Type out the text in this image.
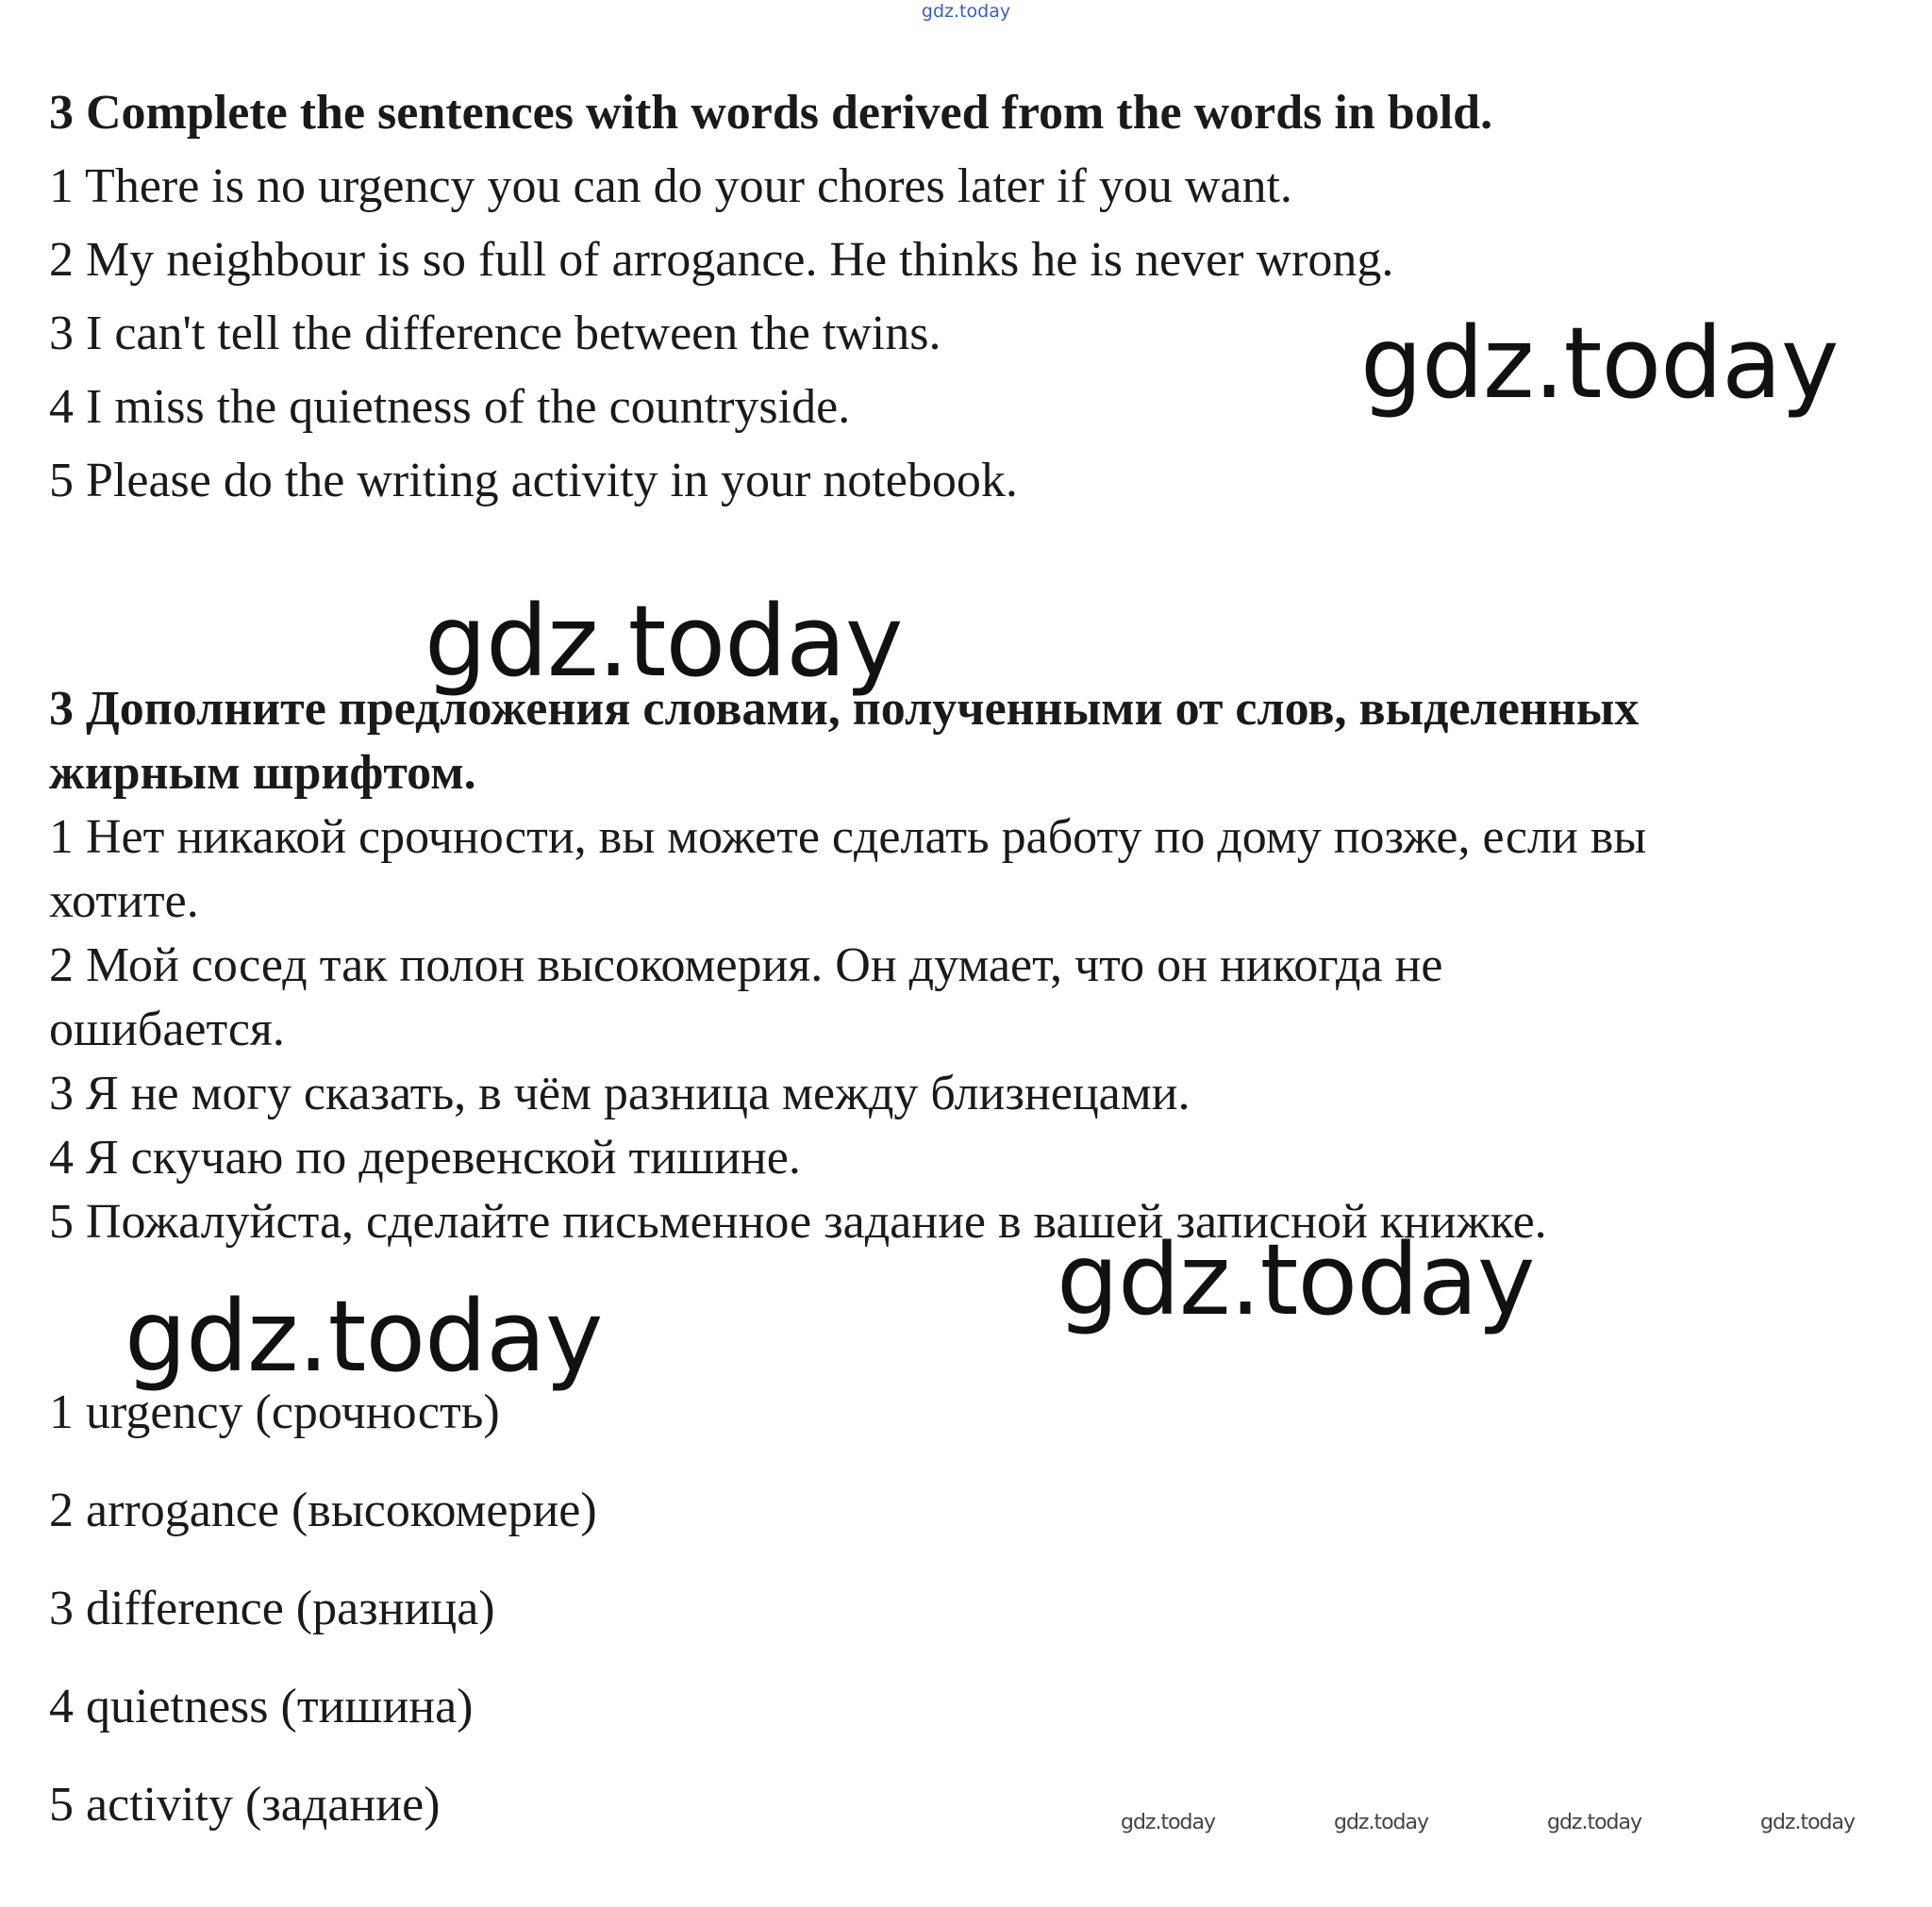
gdz.today
3 Complete the sentences with words derived from the words in bold.
1 There is no urgency you can do your chores later if you want.
2 My neighbour is so full of arrogance. He thinks he is never wrong.
3 I can't tell the difference between the twins.
4 I miss the quietness of the countryside.
5 Please do the writing activity in your notebook.
3 Дополните предложения словами, полученными от слов, выделенных
жирным шрифтом.
1 Нет никакой срочности, вы можете сделать работу по дому позже, если вы
хотите.
2 Мой сосед так полон высокомерия. Он думает, что он никогда не
ошибается.
3 Я не могу сказать, в чём разница между близнецами.
4 Я скучаю по деревенской тишине.
5 Пожалуйста, сделайте письменное задание в вашей записной книжке.
1 urgency (срочность)
2 arrogance (высокомерие)
3 difference (разница)
4 quietness (тишина)
5 activity (задание)
gdz.today
gdz.today
gdz.today
gdz.today
gdz.today	gdz.today	gdz.today	gdz.today
